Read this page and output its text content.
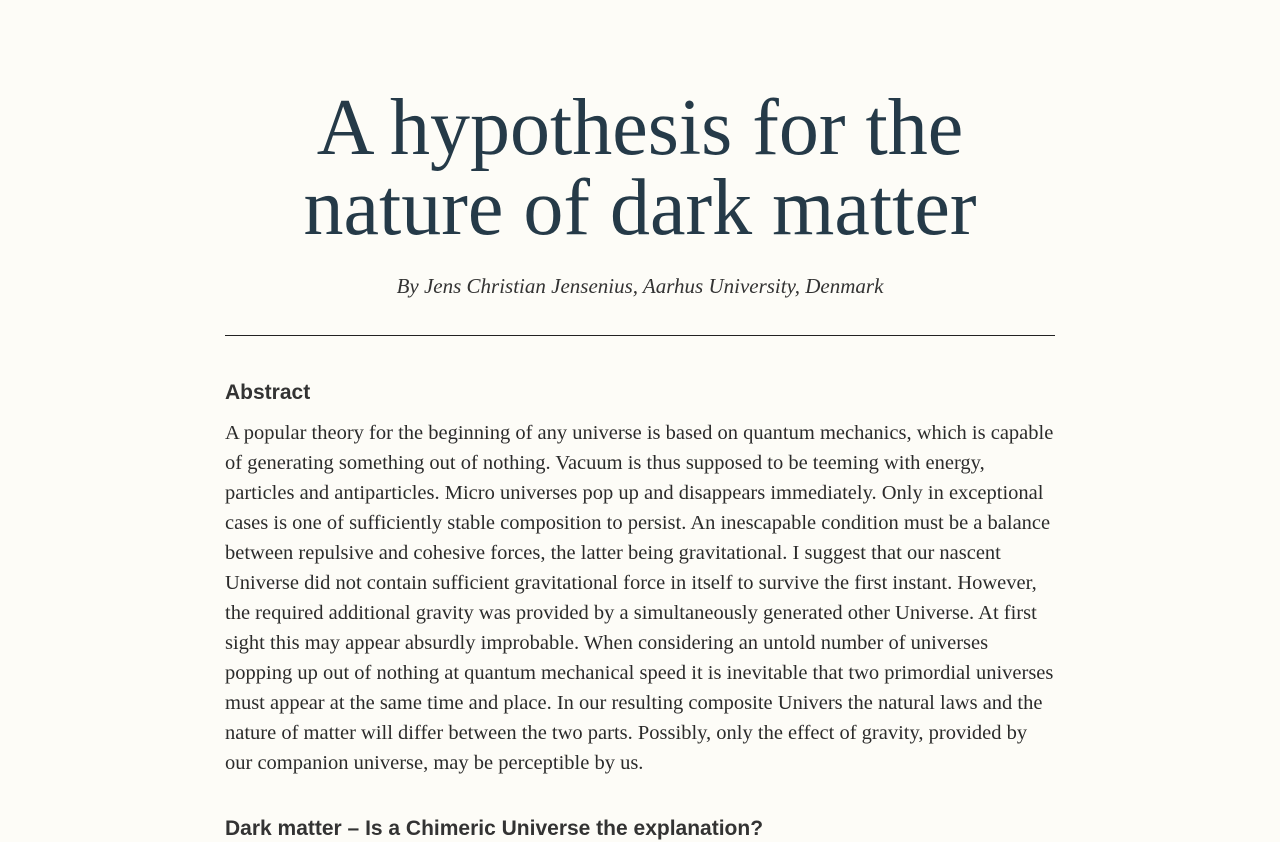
A hypothesis for the
nature of dark matter

By Jens Christian Jensenius, Aarhus University, Denmark

Abstract

A popular theory for the beginning of any universe is based on quantum mechanics, which is capable of generating something out of nothing. Vacuum is thus supposed to be teeming with energy, particles and antiparticles. Micro universes pop up and disappears immediately. Only in exceptional cases is one of sufficiently stable composition to persist. An inescapable condition must be a balance between repulsive and cohesive forces, the latter being gravitational. I suggest that our nascent Universe did not contain sufficient gravitational force in itself to survive the first instant. However, the required additional gravity was provided by a simultaneously generated other Universe. At first sight this may appear absurdly improbable. When considering an untold number of universes popping up out of nothing at quantum mechanical speed it is inevitable that two primordial universes must appear at the same time and place. In our resulting composite Univers the natural laws and the nature of matter will differ between the two parts. Possibly, only the effect of gravity, provided by our companion universe, may be perceptible by us.

Dark matter – Is a Chimeric Universe the explanation?
